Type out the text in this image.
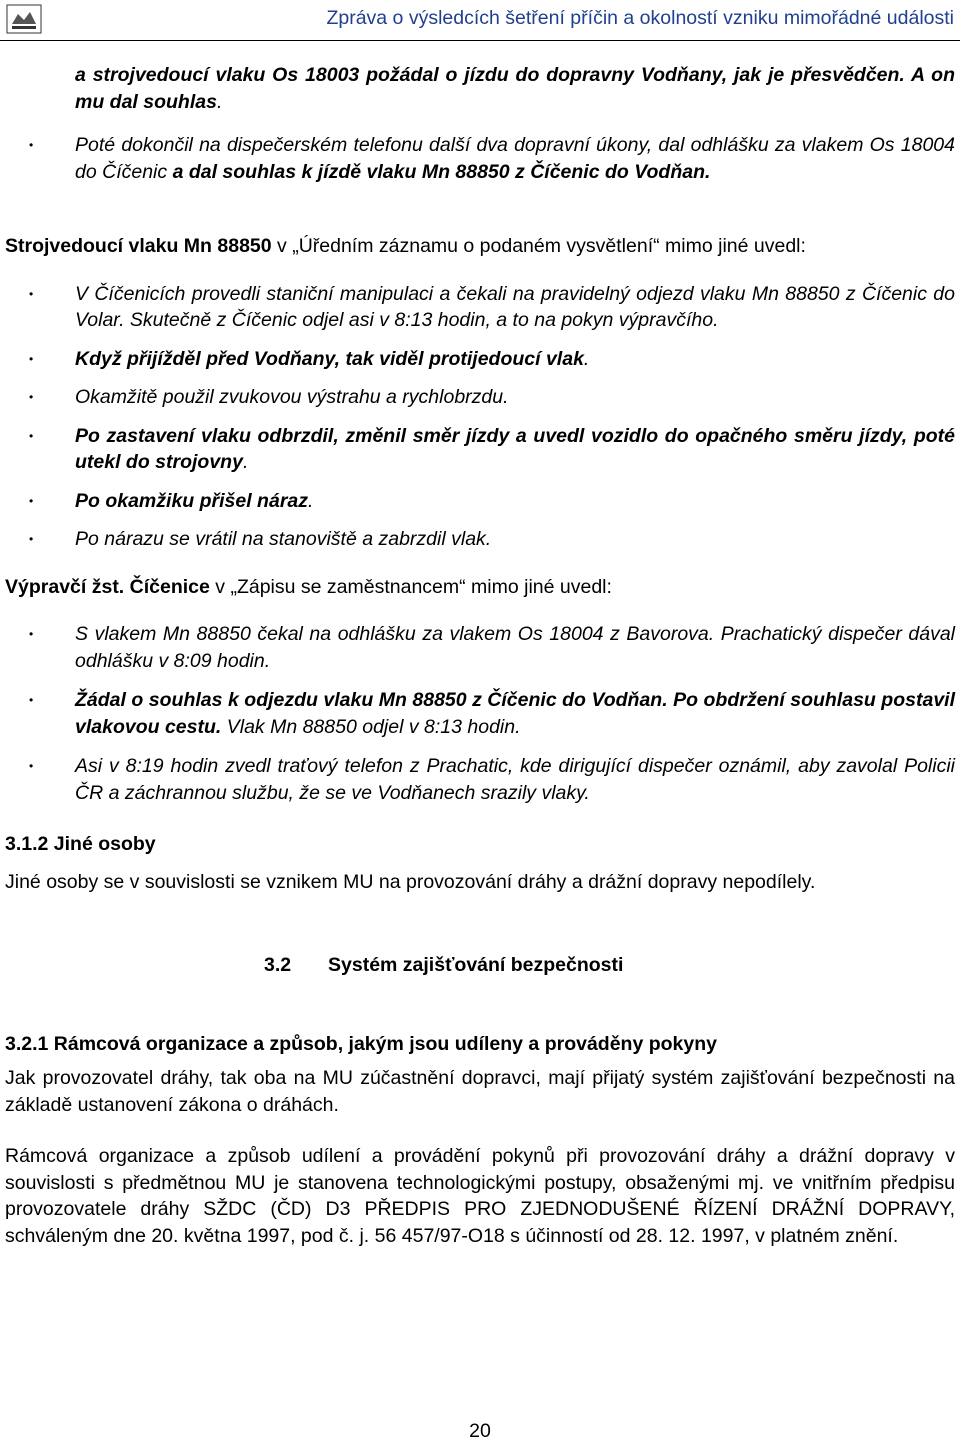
Zpráva o výsledcích šetření příčin a okolností vzniku mimořádné události
a strojvedoucí vlaku Os 18003 požádal o jízdu do dopravny Vodňany, jak je přesvědčen. A on mu dal souhlas.
• Poté dokončil na dispečerském telefonu další dva dopravní úkony, dal odhlášku za vlakem Os 18004 do Číčenic a dal souhlas k jízdě vlaku Mn 88850 z Číčenic do Vodňan.

Strojvedoucí vlaku Mn 88850 v „Úředním záznamu o podaném vysvětlení“ mimo jiné uvedl:

• V Číčenicích provedli staniční manipulaci a čekali na pravidelný odjezd vlaku Mn 88850 z Číčenic do Volar. Skutečně z Číčenic odjel asi v 8:13 hodin, a to na pokyn výpravčího.
• Když přijížděl před Vodňany, tak viděl protijedoucí vlak.
• Okamžitě použil zvukovou výstrahu a rychlobrzdu.
• Po zastavení vlaku odbrzdil, změnil směr jízdy a uvedl vozidlo do opačného směru jízdy, poté utekl do strojovny.
• Po okamžiku přišel náraz.
• Po nárazu se vrátil na stanoviště a zabrzdil vlak.

Výpravčí žst. Číčenice v „Zápisu se zaměstnancem“ mimo jiné uvedl:

• S vlakem Mn 88850 čekal na odhlášku za vlakem Os 18004 z Bavorova. Prachatický dispečer dával odhlášku v 8:09 hodin.
• Žádal o souhlas k odjezdu vlaku Mn 88850 z Číčenic do Vodňan. Po obdržení souhlasu postavil vlakovou cestu. Vlak Mn 88850 odjel v 8:13 hodin.
• Asi v 8:19 hodin zvedl traťový telefon z Prachatic, kde dirigující dispečer oznámil, aby zavolal Policii ČR a záchrannou službu, že se ve Vodňanech srazily vlaky.

3.1.2 Jiné osoby

Jiné osoby se v souvislosti se vznikem MU na provozování dráhy a drážní dopravy nepodílely.

3.2 Systém zajišťování bezpečnosti

3.2.1 Rámcová organizace a způsob, jakým jsou udíleny a prováděny pokyny

Jak provozovatel dráhy, tak oba na MU zúčastnění dopravci, mají přijatý systém zajišťování bezpečnosti na základě ustanovení zákona o dráhách.

Rámcová organizace a způsob udílení a provádění pokynů při provozování dráhy a drážní dopravy v souvislosti s předmětnou MU je stanovena technologickými postupy, obsaženými mj. ve vnitřním předpisu provozovatele dráhy SŽDC (ČD) D3 PŘEDPIS PRO ZJEDNODUŠENÉ ŘÍZENÍ DRÁŽNÍ DOPRAVY, schváleným dne 20. května 1997, pod č. j. 56 457/97-O18 s účinností od 28. 12. 1997, v platném znění.

20
